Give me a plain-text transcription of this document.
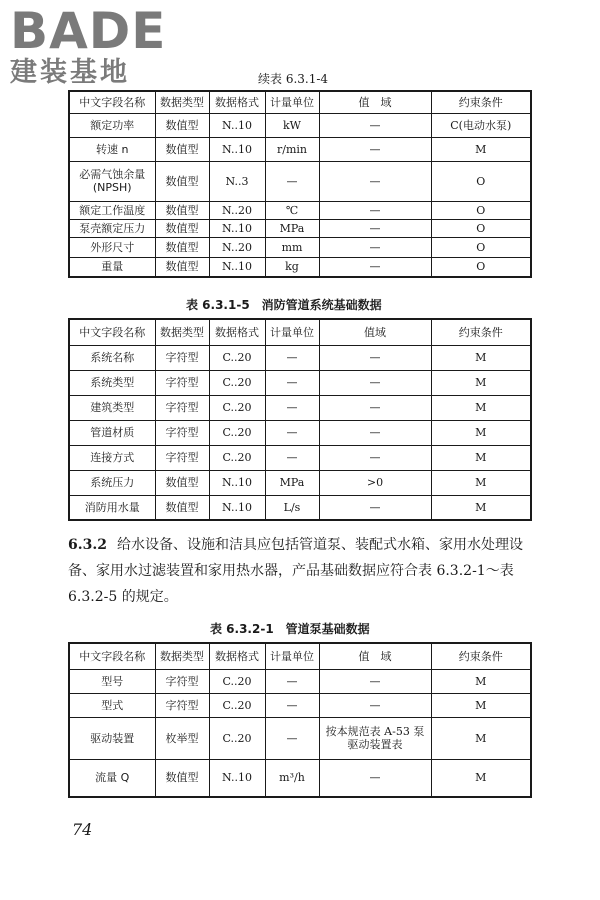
BADE
建装基地	续表 6.3.1-4
中文字段名称	数据类型	数据格式	计量单位	值　域	约束条件
额定功率	数值型	N..10	kW	—	C(电动水泵)
转速 n	数值型	N..10	r/min	—	M
必需气蚀余量 (NPSH)	数值型	N..3	—	—	O
额定工作温度	数值型	N..20	℃	—	O
泵壳额定压力	数值型	N..10	MPa	—	O
外形尺寸	数值型	N..20	mm	—	O
重量	数值型	N..10	kg	—	O
表 6.3.1-5　消防管道系统基础数据
中文字段名称	数据类型	数据格式	计量单位	值域	约束条件
系统名称	字符型	C..20	—	—	M
系统类型	字符型	C..20	—	—	M
建筑类型	字符型	C..20	—	—	M
管道材质	字符型	C..20	—	—	M
连接方式	字符型	C..20	—	—	M
系统压力	数值型	N..10	MPa	>0	M
消防用水量	数值型	N..10	L/s	—	M
6.3.2 给水设备、设施和洁具应包括管道泵、装配式水箱、家用水处理设备、家用水过滤装置和家用热水器，产品基础数据应符合表 6.3.2-1～表 6.3.2-5 的规定。
表 6.3.2-1　管道泵基础数据
中文字段名称	数据类型	数据格式	计量单位	值　域	约束条件
型号	字符型	C..20	—	—	M
型式	字符型	C..20	—	—	M
驱动装置	枚举型	C..20	—	按本规范表 A-53 泵驱动装置表	M
流量 Q	数值型	N..10	m³/h	—	M
74
